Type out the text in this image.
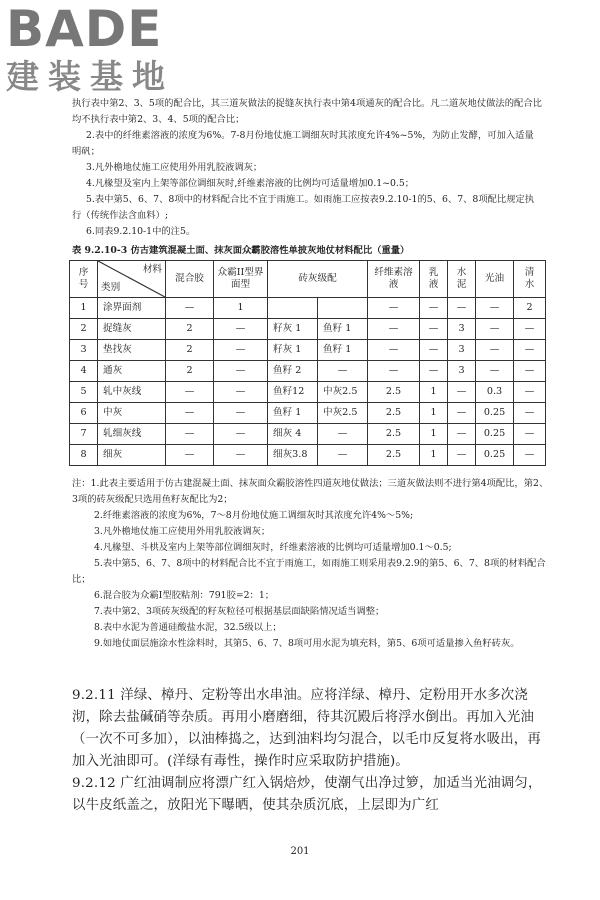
BADE
建装基地

执行表中第2、3、5项的配合比，其三道灰做法的捉缝灰执行表中第4项通灰的配合比。凡二道灰地仗做法的配合比均不执行表中第2、3、4、5项的配合比；

2.表中的纤维素溶液的浓度为6%。7-8月份地仗施工调细灰时其浓度允许4%~5%，为防止发酵，可加入适量明矾；

3.凡外檐地仗施工应使用外用乳胶液调灰；

4.凡椽望及室内上架等部位调细灰时,纤维素溶液的比例均可适量增加0.1~0.5；

5.表中第5、6、7、8项中的材料配合比不宜于雨施工。如雨施工应按表9.2.10-1的5、6、7、8项配比规定执行（传统作法含血料）;

6.同表9.2.10-1中的注5。

表 9.2.10-3 仿古建筑混凝土面、抹灰面众霸胶溶性单披灰地仗材料配比（重量）
序号	材料
类别	混合胶	众霸II型界面型	砖灰级配		纤维素溶液	乳液	水泥	光油	清水
1	涂界面剂	—	1			—	—	—	—	2
2	捉缝灰	2	—	籽灰 1	鱼籽 1	—	—	3	—	—
3	垫找灰	2	—	籽灰 1	鱼籽 1	—	—	3	—	—
4	通灰	2	—	鱼籽 2	—	—	—	3	—	—
5	轧中灰线	—	—	鱼籽12	中灰2.5	2.5	1	—	0.3	—
6	中灰	—	—	鱼籽 1	中灰2.5	2.5	1	—	0.25	—
7	轧细灰线	—	—	细灰 4	—	2.5	1	—	0.25	—
8	细灰	—	—	细灰3.8	—	2.5	1	—	0.25	—

注：1.此表主要适用于仿古建混凝土面、抹灰面众霸胶溶性四道灰地仗做法；三道灰做法则不进行第4项配比，第2、3项的砖灰级配只选用鱼籽灰配比为2；

2.纤维素溶液的浓度为6%，7～8月份地仗施工调细灰时其浓度允许4%～5%;

3.凡外檐地仗施工应使用外用乳胶液调灰；

4.凡椽望、斗栱及室内上架等部位调细灰时，纤维素溶液的比例均可适量增加0.1～0.5;

5.表中第5、6、7、8项中的材料配合比不宜于雨施工，如雨施工则采用表9.2.9的第5、6、7、8项的材料配合比；

6.混合胶为众霸I型胶粘剂：791胶=2：1；

7.表中第2、3项砖灰级配的籽灰粒径可根据基层面缺陷情况适当调整；

8.表中水泥为普通硅酸盐水泥，32.5级以上；

9.如地仗面层施涂水性涂料时，其第5、6、7、8项可用水泥为填充料，第5、6项可适量掺入鱼籽砖灰。

9.2.11 洋绿、樟丹、定粉等出水串油。应将洋绿、樟丹、定粉用开水多次浇沏，除去盐碱硝等杂质。再用小磨磨细，待其沉殿后将浮水倒出。再加入光油（一次不可多加），以油棒捣之，达到油料均匀混合，以毛巾反复将水吸出，再加入光油即可。(洋绿有毒性，操作时应采取防护措施)。

9.2.12 广红油调制应将漂广红入锅焙炒，使潮气出净过箩，加适当光油调匀，以牛皮纸盖之，放阳光下曝晒，使其杂质沉底，上层即为广红

201
